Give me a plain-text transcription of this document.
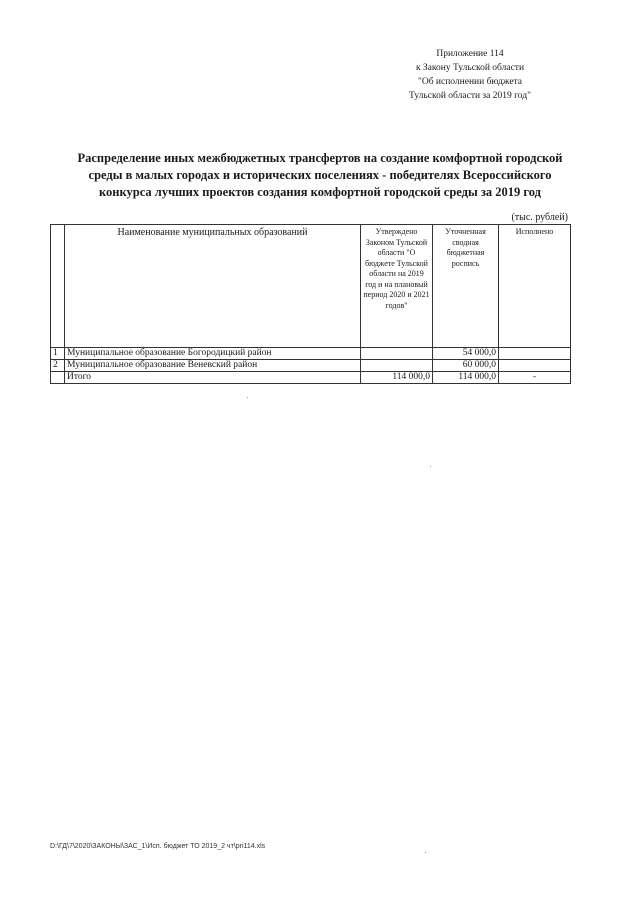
Приложение 114
к Закону Тульской области
"Об исполнении бюджета
Тульской области за 2019 год"
Распределение иных межбюджетных трансфертов на создание комфортной городской
среды в малых городах и исторических поселениях - победителях Всероссийского
конкурса лучших проектов создания комфортной городской среды за 2019 год
(тыс. рублей)
	Наименование муниципальных образований	Утверждено Законом Тульской области "О бюджете Тульской области на 2019 год и на плановый период 2020 и 2021 годов"	Уточненная сводная бюджетная роспись	Исполнено
1	Муниципальное образование Богородицкий район		54 000,0	
2	Муниципальное образование Веневский район		60 000,0	
	Итого	114 000,0	114 000,0	-
D:\ГД\7\2020\ЗАКОНЫ\ЗАС_1\Исп. бюджет ТО 2019_2 чт\pri114.xls
